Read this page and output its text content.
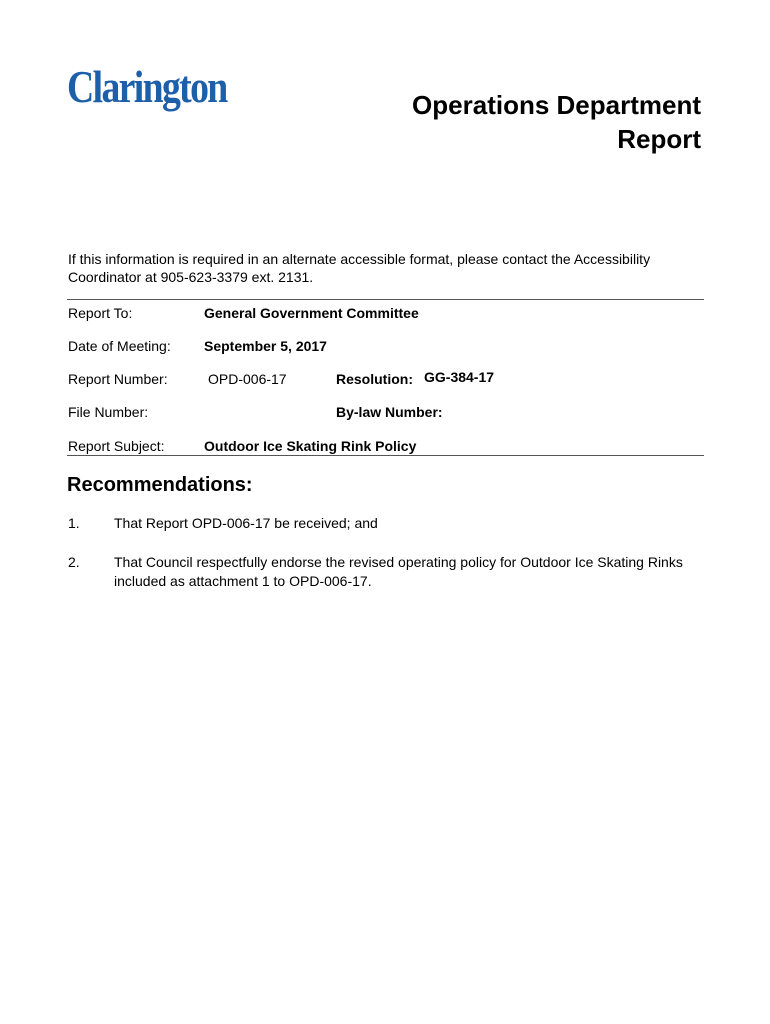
Clarington	Operations Department
Report
If this information is required in an alternate accessible format, please contact the Accessibility Coordinator at 905-623-3379 ext. 2131.
Report To:	General Government Committee
Date of Meeting: September 5, 2017
Report Number:	OPD-006-17	Resolution: GG-384-17
File Number:	By-law Number:
Report Subject:	Outdoor Ice Skating Rink Policy
Recommendations:
1. That Report OPD-006-17 be received; and
2. That Council respectfully endorse the revised operating policy for Outdoor Ice Skating Rinks included as attachment 1 to OPD-006-17.
